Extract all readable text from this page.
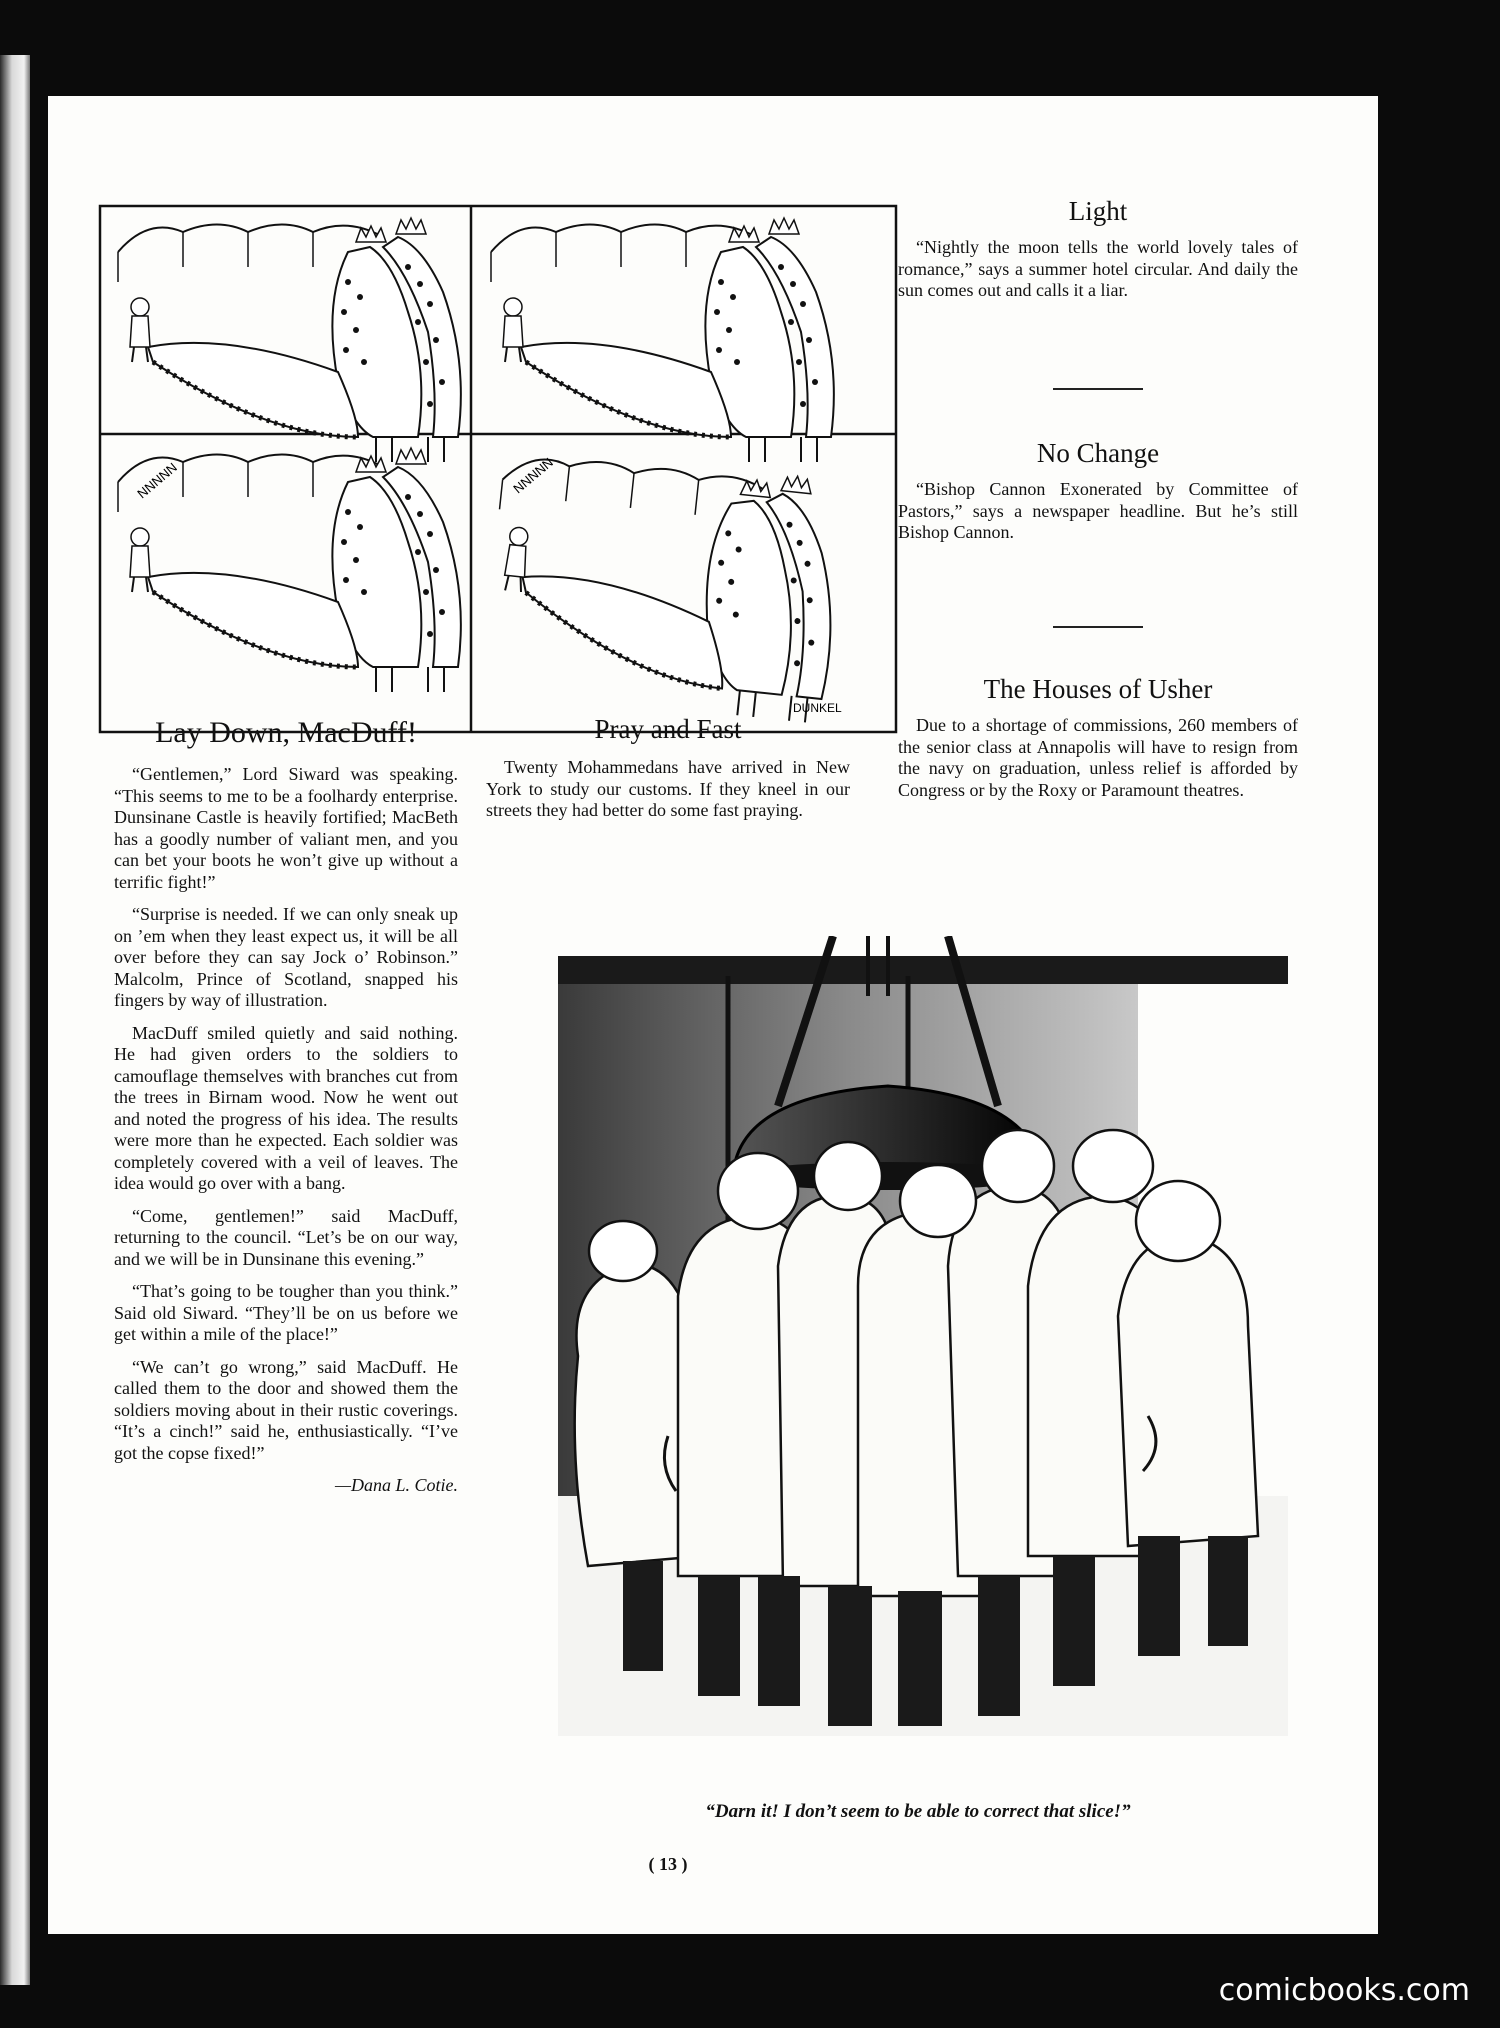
NNNNN	NNNNN
DUNKEL
Light
“Nightly the moon tells the world lovely tales of romance,” says a summer hotel circular. And daily the sun comes out and calls it a liar.
No Change
“Bishop Cannon Exonerated by Committee of Pastors,” says a newspaper headline. But he’s still Bishop Cannon.
The Houses of Usher
Due to a shortage of commissions, 260 members of the senior class at Annapolis will have to resign from the navy on graduation, unless relief is afforded by Congress or by the Roxy or Paramount theatres.
Pray and Fast
Twenty Mohammedans have arrived in New York to study our customs. If they kneel in our streets they had better do some fast praying.
Lay Down, MacDuff!

“Gentlemen,” Lord Siward was speaking. “This seems to me to be a foolhardy enterprise. Dunsinane Castle is heavily fortified; MacBeth has a goodly number of valiant men, and you can bet your boots he won’t give up without a terrific fight!”

“Surprise is needed. If we can only sneak up on ’em when they least expect us, it will be all over before they can say Jock o’ Robinson.” Malcolm, Prince of Scotland, snapped his fingers by way of illustration.

MacDuff smiled quietly and said nothing. He had given orders to the soldiers to camouflage themselves with branches cut from the trees in Birnam wood. Now he went out and noted the progress of his idea. The results were more than he expected. Each soldier was completely covered with a veil of leaves. The idea would go over with a bang.

“Come, gentlemen!” said MacDuff, returning to the council. “Let’s be on our way, and we will be in Dunsinane this evening.”

“That’s going to be tougher than you think.” Said old Siward. “They’ll be on us before we get within a mile of the place!”

“We can’t go wrong,” said MacDuff. He called them to the door and showed them the soldiers moving about in their rustic coverings. “It’s a cinch!” said he, enthusiastically. “I’ve got the copse fixed!”

—Dana L. Cotie.
“Darn it! I don’t seem to be able to correct that slice!”
( 13 )
comicbooks.com
